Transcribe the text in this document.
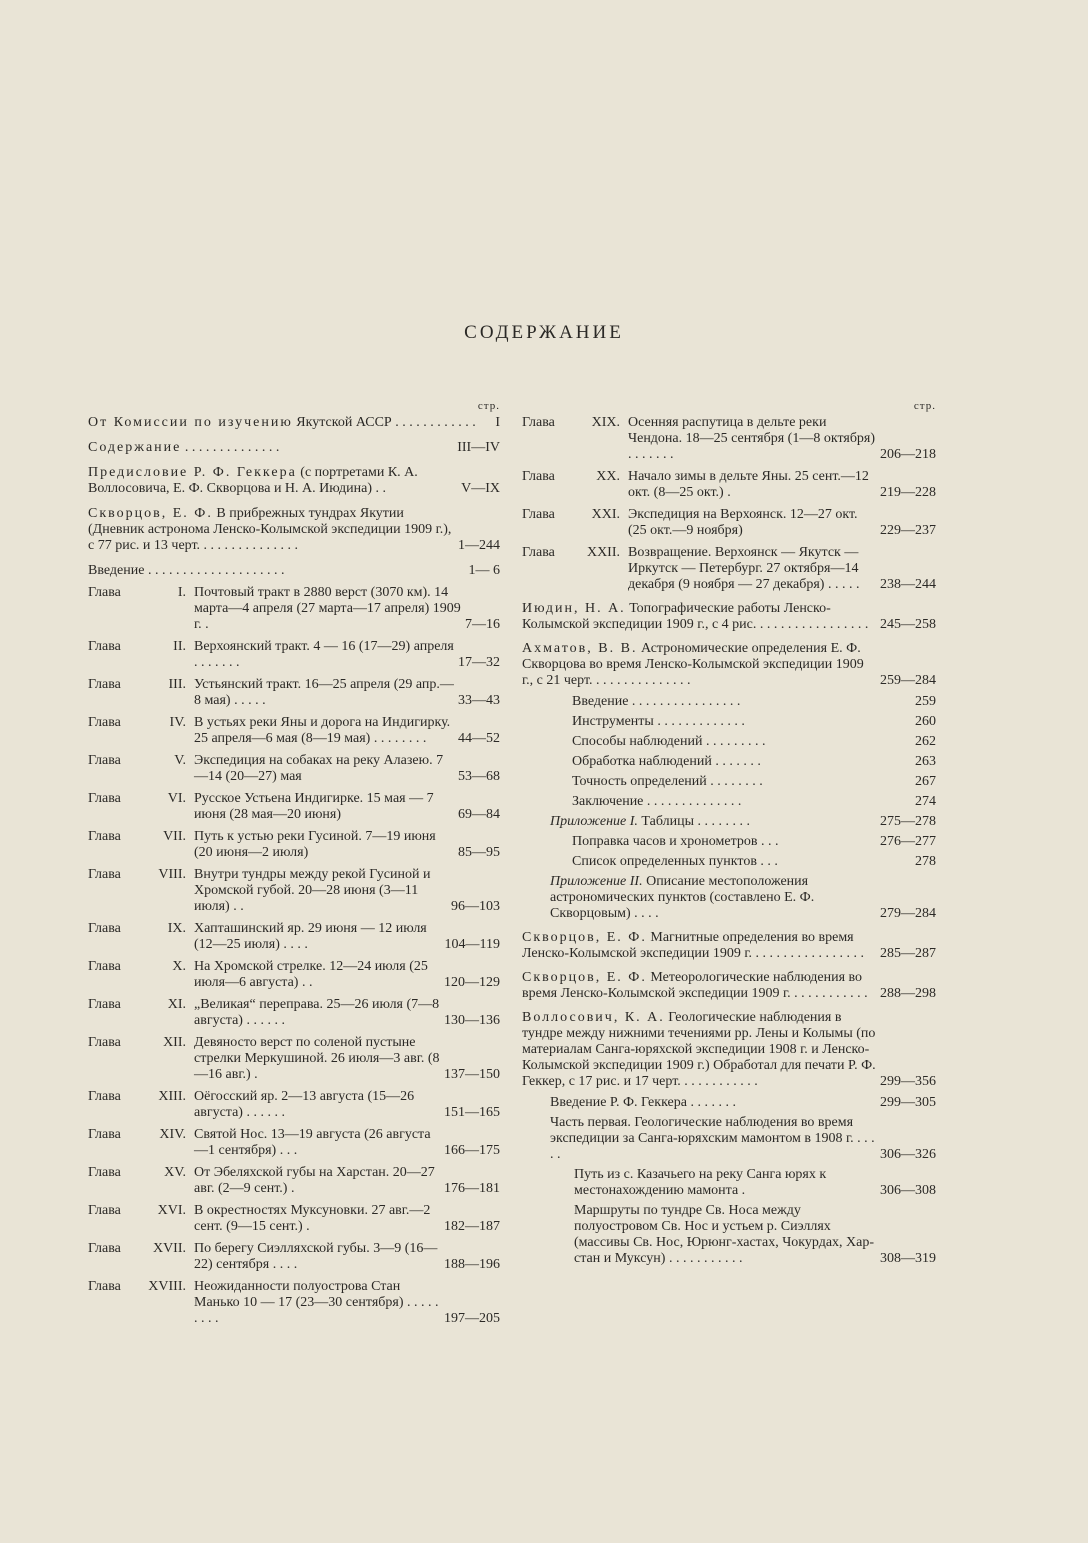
СОДЕРЖАНИЕ
стр.
От Комиссии по изучению Якутской АССР . . . . . . . . . . . .	I
Содержание . . . . . . . . . . . . . .	III—IV
Предисловие Р. Ф. Геккера (с портретами К. А. Воллосовича, Е. Ф. Скворцова и Н. А. Июдина) . .	V—IX
Скворцов, Е. Ф. В прибрежных тундрах Якутии (Дневник астронома Ленско-Колымской экспедиции 1909 г.), с 77 рис. и 13 черт. . . . . . . . . . . . . . .	1—244
Введение . . . . . . . . . . . . . . . . . . . .	1— 6
Глава	I. Почтовый тракт в 2880 верст (3070 км). 14 марта—4 апреля (27 марта—17 апреля) 1909 г. .	7—16
Глава	II. Верхоянский тракт. 4 — 16 (17—29) апреля . . . . . . .	17—32
Глава	III. Устьянский тракт. 16—25 апреля (29 апр.—8 мая) . . . . .	33—43
Глава	IV. В устьях реки Яны и дорога на Индигирку. 25 апреля—6 мая (8—19 мая) . . . . . . . .	44—52
Глава	V. Экспедиция на собаках на реку Алазею. 7—14 (20—27) мая	53—68
Глава	VI. Русское Устьена Индигирке. 15 мая — 7 июня (28 мая—20 июня)	69—84
Глава	VII. Путь к устью реки Гусиной. 7—19 июня (20 июня—2 июля)	85—95
Глава	VIII. Внутри тундры между рекой Гусиной и Хромской губой. 20—28 июня (3—11 июля) . .	96—103
Глава	IX. Хапташинский яр. 29 июня — 12 июля (12—25 июля) . . . .	104—119
Глава	X. На Хромской стрелке. 12—24 июля (25 июля—6 августа) . .	120—129
Глава	XI. „Великая“ переправа. 25—26 июля (7—8 августа) . . . . . .	130—136
Глава	XII. Девяносто верст по соленой пустыне стрелки Меркушиной. 26 июля—3 авг. (8—16 авг.) .	137—150
Глава	XIII. Оёгосский яр. 2—13 августа (15—26 августа) . . . . . .	151—165
Глава	XIV. Святой Нос. 13—19 августа (26 августа—1 сентября) . . .	166—175
Глава	XV. От Эбеляхской губы на Харстан. 20—27 авг. (2—9 сент.) .	176—181
Глава	XVI. В окрестностях Муксуновки. 27 авг.—2 сент. (9—15 сент.) .	182—187
Глава XVII. По берегу Сиэлляхской губы. 3—9 (16—22) сентября . . . .	188—196
Глава XVIII. Неожиданности полуострова Стан Манько 10 — 17 (23—30 сентября) . . . . . . . . .	197—205
стр.
Глава	XIX. Осенняя распутица в дельте реки Чендона. 18—25 сентября (1—8 октября) . . . . . . .	206—218
Глава	XX. Начало зимы в дельте Яны. 25 сент.—12 окт. (8—25 окт.) .	219—228
Глава	XXI. Экспедиция на Верхоянск. 12—27 окт. (25 окт.—9 ноября)	229—237
Глава XXII. Возвращение. Верхоянск — Якутск — Иркутск — Петербург. 27 октября—14 декабря (9 ноября — 27 декабря) . . . . .	238—244
Июдин, Н. А. Топографические работы Ленско-Колымской экспедиции 1909 г., с 4 рис. . . . . . . . . . . . . . . . . 245—258
Ахматов, В. В. Астрономические определения Е. Ф. Скворцова во время Ленско-Колымской экспедиции 1909 г., с 21 черт. . . . . . . . . . . . . . .	259—284
Введение . . . . . . . . . . . . . . . .	259
Инструменты . . . . . . . . . . . . .	260
Способы наблюдений . . . . . . . . .	262
Обработка наблюдений . . . . . . .	263
Точность определений . . . . . . . .	267
Заключение . . . . . . . . . . . . . .	274
Приложение I. Таблицы . . . . . . . .	275—278
Поправка часов и хронометров . . .	276—277
Список определенных пунктов . . .	278
Приложение II. Описание местоположения астрономических пунктов (составлено Е. Ф. Скворцовым) . . . .	279—284
Скворцов, Е. Ф. Магнитные определения во время Ленско-Колымской экспедиции 1909 г. . . . . . . . . . . . . . . . .	285—287
Скворцов, Е. Ф. Метеорологические наблюдения во время Ленско-Колымской экспедиции 1909 г. . . . . . . . . . . . 288—298
Воллосович, К. А. Геологические наблюдения в тундре между нижними течениями рр. Лены и Колымы (по материалам Санга-юряхской экспедиции 1908 г. и Ленско-Колымской экспедиции 1909 г.) Обработал для печати Р. Ф. Геккер, с 17 рис. и 17 черт. . . . . . . . . . . .	299—356
Введение Р. Ф. Геккера . . . . . . .	299—305
Часть первая. Геологические наблюдения во время экспедиции за Санга-юряхским мамонтом в 1908 г. . . . . .	306—326
Путь из с. Казачьего на реку Санга юрях к местонахождению мамонта .	306—308
Маршруты по тундре Св. Носа между полуостровом Св. Нос и устьем р. Сиэллях (массивы Св. Нос, Юрюнг-хастах, Чокурдах, Хар-стан и Муксун) . . . . . . . . . . .	308—319
